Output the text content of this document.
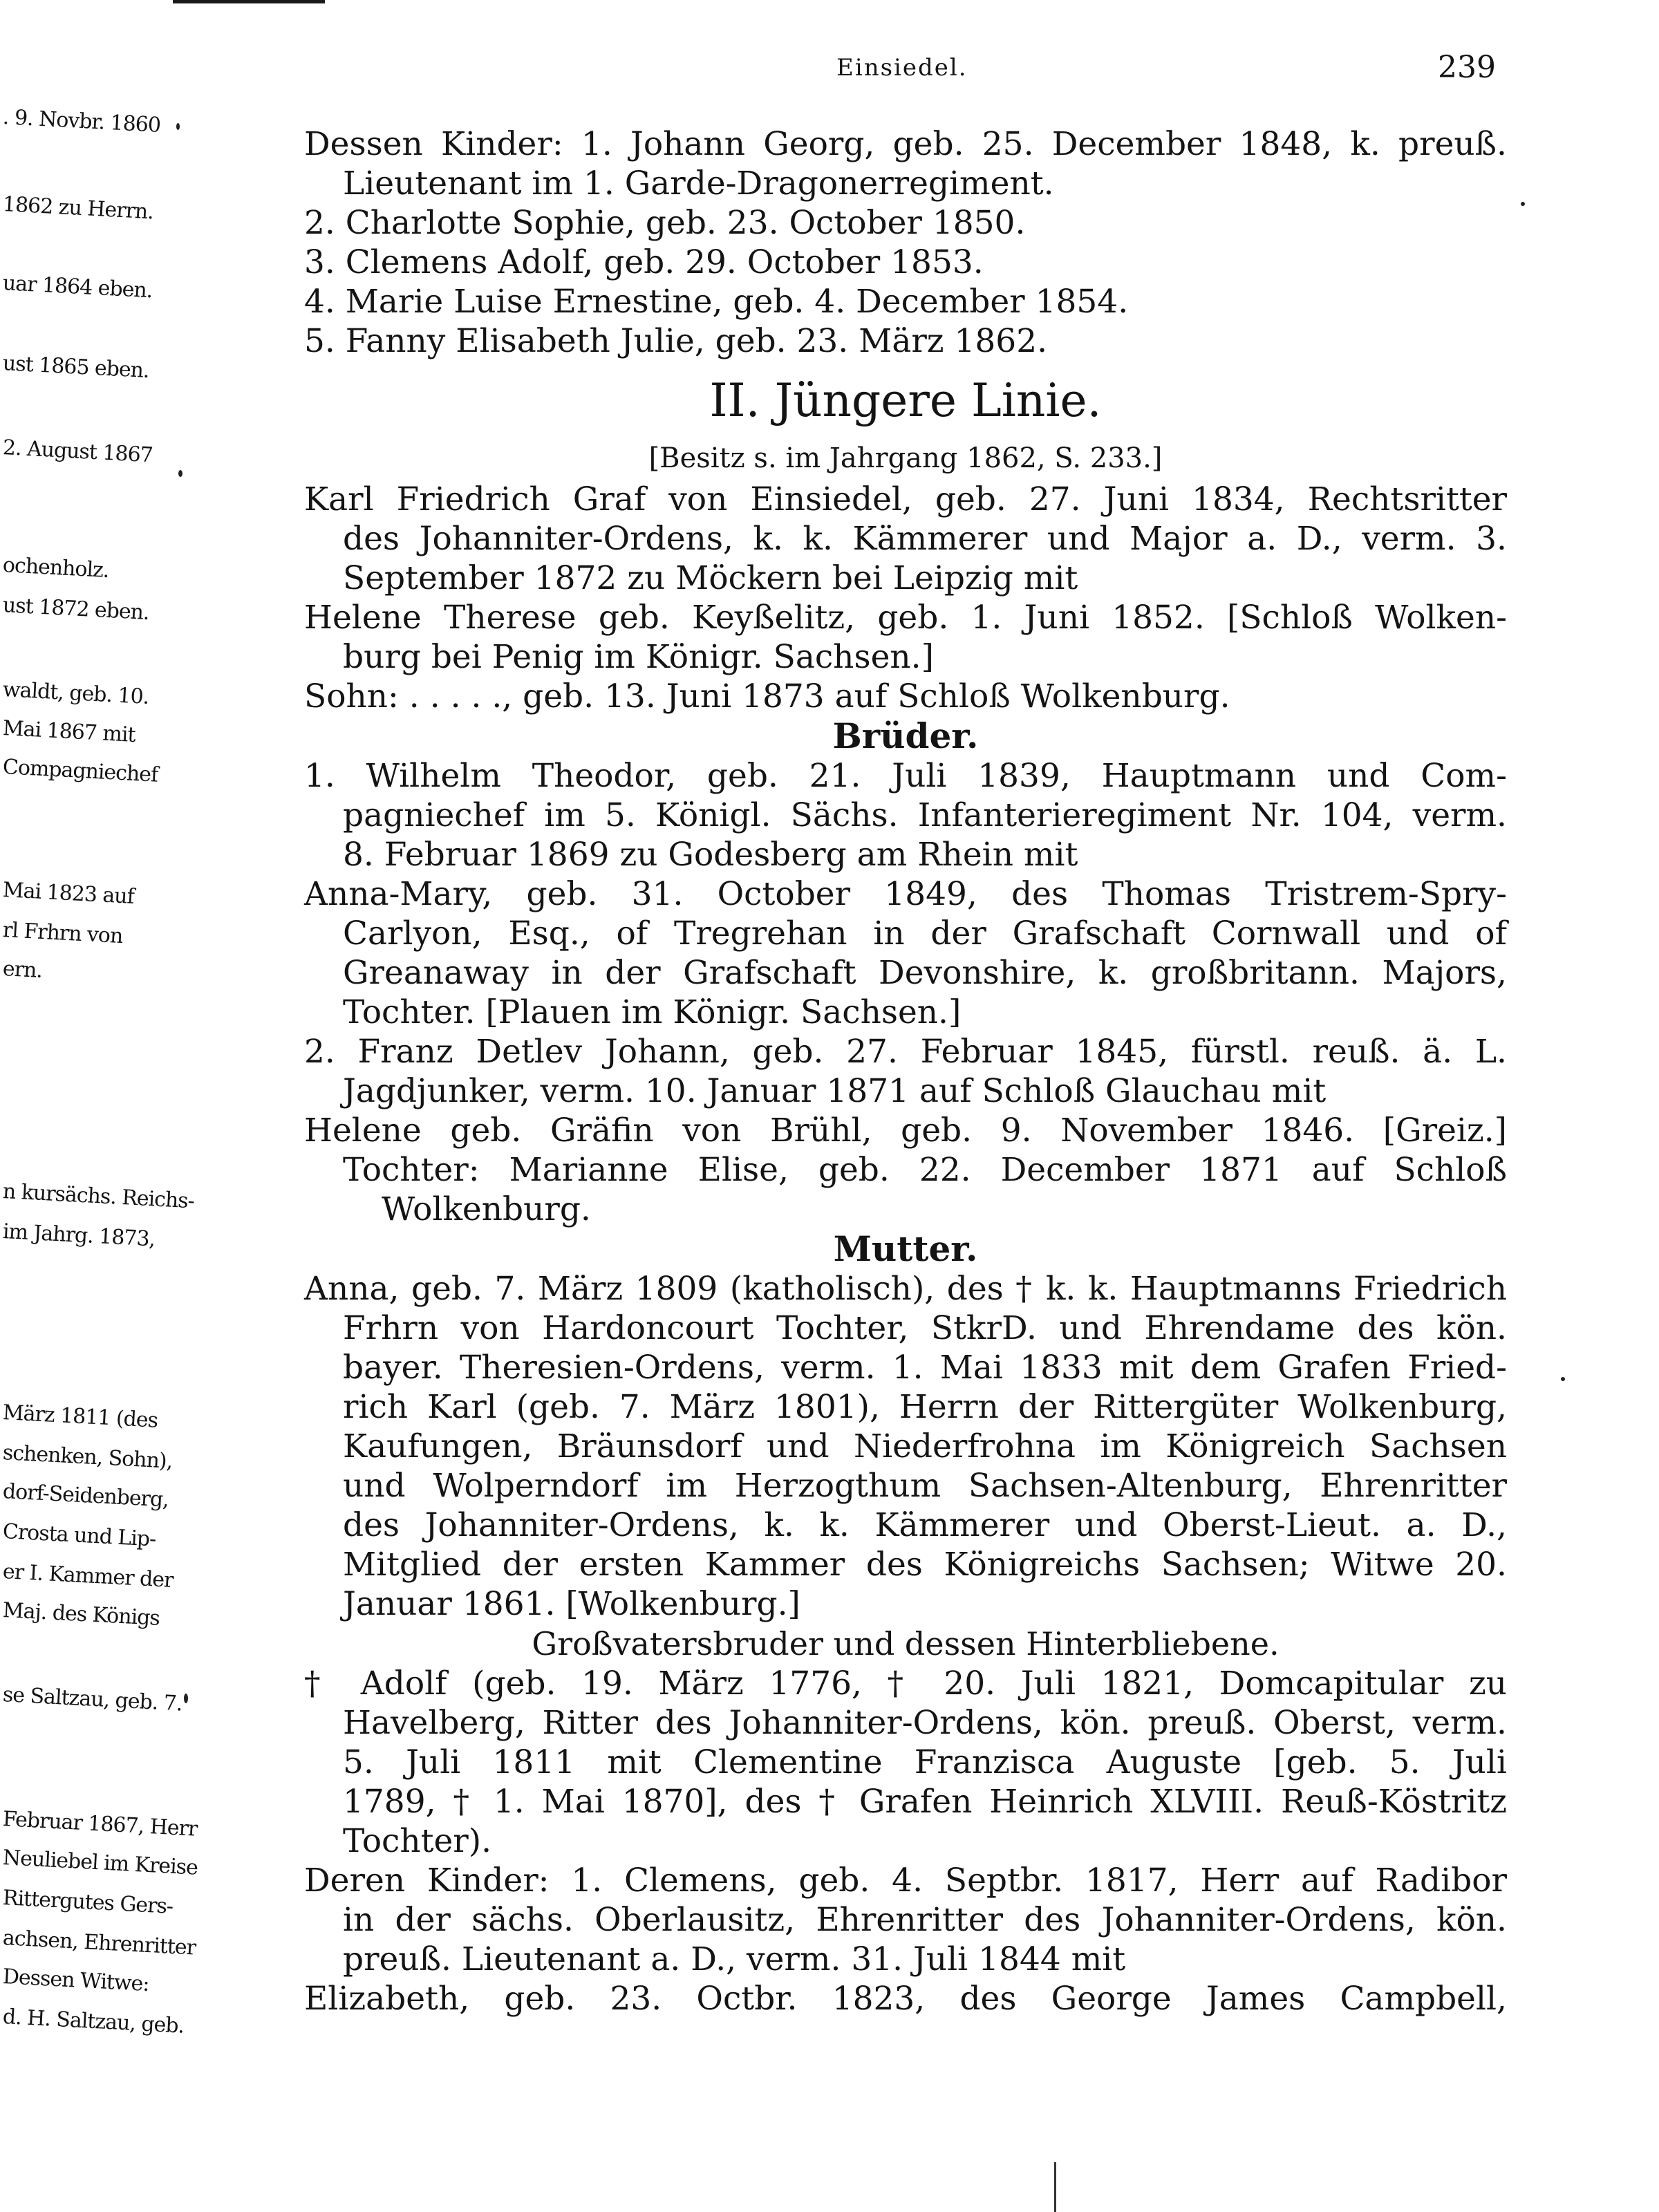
. 9. Novbr. 1860
1862 zu Herrn.
uar 1864 eben.
ust 1865 eben.
2. August 1867
ochenholz.
ust 1872 eben.
waldt, geb. 10.
Mai 1867 mit
Compagniechef
Mai 1823 auf
rl Frhrn von
ern.
n kursächs. Reichs-
im Jahrg. 1873,
März 1811 (des
schenken, Sohn),
dorf-Seidenberg,
Crosta und Lip-
er I. Kammer der
Maj. des Königs
se Saltzau, geb. 7.
Februar 1867, Herr
Neuliebel im Kreise
Rittergutes Gers-
achsen, Ehrenritter
Dessen Witwe:
d. H. Saltzau, geb.
Einsiedel.	239

Dessen Kinder: 1. Johann Georg, geb. 25. December 1848, k. preuß.

Lieutenant im 1. Garde-Dragonerregiment.

2. Charlotte Sophie, geb. 23. October 1850.

3. Clemens Adolf, geb. 29. October 1853.

4. Marie Luise Ernestine, geb. 4. December 1854.

5. Fanny Elisabeth Julie, geb. 23. März 1862.

II. Jüngere Linie.
[Besitz s. im Jahrgang 1862, S. 233.]

Karl Friedrich Graf von Einsiedel, geb. 27. Juni 1834, Rechtsritter

des Johanniter-Ordens, k. k. Kämmerer und Major a. D., verm. 3.

September 1872 zu Möckern bei Leipzig mit

Helene Therese geb. Keyßelitz, geb. 1. Juni 1852. [Schloß Wolken-

burg bei Penig im Königr. Sachsen.]

Sohn: . . . . ., geb. 13. Juni 1873 auf Schloß Wolkenburg.

Brüder.

1. Wilhelm Theodor, geb. 21. Juli 1839, Hauptmann und Com-

pagniechef im 5. Königl. Sächs. Infanterieregiment Nr. 104, verm.

8. Februar 1869 zu Godesberg am Rhein mit

Anna-Mary, geb. 31. October 1849, des Thomas Tristrem-Spry-

Carlyon, Esq., of Tregrehan in der Grafschaft Cornwall und of

Greanaway in der Grafschaft Devonshire, k. großbritann. Majors,

Tochter. [Plauen im Königr. Sachsen.]

2. Franz Detlev Johann, geb. 27. Februar 1845, fürstl. reuß. ä. L.

Jagdjunker, verm. 10. Januar 1871 auf Schloß Glauchau mit

Helene geb. Gräfin von Brühl, geb. 9. November 1846. [Greiz.]

Tochter: Marianne Elise, geb. 22. December 1871 auf Schloß

Wolkenburg.

Mutter.

Anna, geb. 7. März 1809 (katholisch), des † k. k. Hauptmanns Friedrich

Frhrn von Hardoncourt Tochter, StkrD. und Ehrendame des kön.

bayer. Theresien-Ordens, verm. 1. Mai 1833 mit dem Grafen Fried-

rich Karl (geb. 7. März 1801), Herrn der Rittergüter Wolkenburg,

Kaufungen, Bräunsdorf und Niederfrohna im Königreich Sachsen

und Wolperndorf im Herzogthum Sachsen-Altenburg, Ehrenritter

des Johanniter-Ordens, k. k. Kämmerer und Oberst-Lieut. a. D.,

Mitglied der ersten Kammer des Königreichs Sachsen; Witwe 20.

Januar 1861. [Wolkenburg.]

Großvatersbruder und dessen Hinterbliebene.

† Adolf (geb. 19. März 1776, † 20. Juli 1821, Domcapitular zu

Havelberg, Ritter des Johanniter-Ordens, kön. preuß. Oberst, verm.

5. Juli 1811 mit Clementine Franzisca Auguste [geb. 5. Juli

1789, † 1. Mai 1870], des † Grafen Heinrich XLVIII. Reuß-Köstritz

Tochter).

Deren Kinder: 1. Clemens, geb. 4. Septbr. 1817, Herr auf Radibor

in der sächs. Oberlausitz, Ehrenritter des Johanniter-Ordens, kön.

preuß. Lieutenant a. D., verm. 31. Juli 1844 mit

Elizabeth, geb. 23. Octbr. 1823, des George James Campbell,
